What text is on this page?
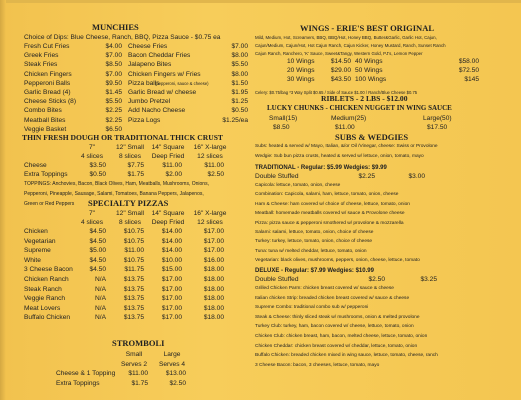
MUNCHIES
Choice of Dips: Blue Cheese, Ranch, BBQ, Pizza Sauce - $0.75 ea
Fresh Cut Fries	$4.00
Greek Fries	$7.00
Steak Fries	$8.50
Chicken Fingers	$7.00
Pepperoni Balls	$9.50
Garlic Bread (4)	$1.45
Cheese Sticks (8)	$5.50
Combo Bites	$2.25
Meatball Bites	$2.25
Veggie Basket	$6.50
Cheese Fries	$7.00
Bacon Cheddar Fries	$8.00
Jalapeno Bites	$5.50
Chicken Fingers w/ Fries	$8.00
Pizza balls
(pepperoni, sauce & cheese)	$1.50
Garlic Bread w/ cheese	$1.95
Jumbo Pretzel	$1.25
Add Nacho Cheese	$0.50
Pizza Logs	$1.25/ea
THIN FRESH DOUGH OR TRADITIONAL THICK CRUST
7"	12" Small	14" Square	16" X-large
4 slices	8 slices	Deep Fried	12 slices
Cheese	$3.50	$7.75	$11.00	$11.00
Extra Toppings	$0.50	$1.75	$2.00	$2.50
TOPPINGS: Anchovies, Bacon, Black Olives, Ham, Meatballs, Mushrooms, Onions,
Pepperoni, Pineapple, Sausage, Salami, Tomatoes, Banana Peppers, Jalapenos,
Green or Red Peppers SPECIALTY PIZZAS
7"	12" Small	14" Square	16" X-large
4 slices	8 slices	Deep Fried	12 slices
Chicken	$4.50	$10.75	$14.00	$17.00
Vegetarian	$4.50	$10.75	$14.00	$17.00
Supreme	$5.00	$11.00	$14.00	$17.00
White	$4.50	$10.75	$10.00	$16.00
3 Cheese Bacon	$4.50	$11.75	$15.00	$18.00
Chicken Ranch	N/A	$13.75	$17.00	$18.00
Steak Ranch	N/A	$13.75	$17.00	$18.00
Veggie Ranch	N/A	$13.75	$17.00	$18.00
Meat Lovers	N/A	$13.75	$17.00	$18.00
Buffalo Chicken	N/A	$13.75	$17.00	$18.00
STROMBOLI
Small	Large
Serves 2	Serves 4
Cheese & 1 Topping	$11.00	$13.00
Extra Toppings	$1.75	$2.50
WINGS - ERIE'S BEST ORIGINAL
Mild, Medium, Hot, Screamers, BBQ, BBQ/Hot, Honey BBQ, Butter&Garlic, Garlic Hot, Cajun,
Cajun/Medium, Cajun/Hot, Hot Cajun Ranch, Cajun Kicker, Honey Mustard, Ranch, Sunset Ranch
Cajun Ranch, Ranchero, 'K' Sauce, Sweet&Tangy, Western Gold, PJ's, Lemon Pepper
10 Wings	$14.50 40 Wings	$58.00
20 Wings	$29.00 50 Wings	$72.50
30 Wings	$43.50 100 Wings	$145
Celery: $0.75/bag *3 Way Split $0.65 / Side of Sauce $1.00 / Ranch/Blue Cheese $0.75
RIBLETS - 2 LBS - $12.00
LUCKY CHUNKS - CHICKEN NUGGET IN WING SAUCE
Small(15)	Medium(25)	Large(50)
$8.50	$11.00	$17.50
SUBS & WEDGIES
Subs: heated & served w/ Mayo, Italian, &/or Oil /Vinegar, cheese: Swiss or Provolone
Wedgie: Sub bun pizza crusts, heated & served w/ lettuce, onion, tomato, mayo
TRADITIONAL - Regular: $5.99 Wedgies: $9.99
Double Stuffed	$2.25	$3.00
Capicola: lettuce, tomato, onion, cheese
Combination: Capicola, salami, ham, lettuce, tomato, onion, cheese
Ham & Cheese: ham covered w/ choice of cheese, lettuce, tomato, onion
Meatball: homemade meatballs covered w/ sauce & Provolone cheese
Pizza: pizza sauce & pepperoni smothered w/ provolone & mozzarella
Salami: salami, lettuce, tomato, onion, choice of cheese
Turkey: turkey, lettuce, tomato, onion, choice of cheese
Tuna: tuna w/ melted cheddar, lettuce, tomato, onion
Vegetarian: black olives, mushrooms, peppers, onion, cheese, lettuce, tomato
DELUXE - Regular: $7.99 Wedgies: $10.99
Double Stuffed	$2.50	$3.25
Grilled Chicken Parm: chicken breast covered w/ sauce & cheese
Italian chicken Strip: breaded chicken breast covered w/ sauce & cheese
Supreme Combo: traditional combo sub w/ pepperoni
Steak & Cheese: thinly sliced steak w/ mushrooms, onion & melted provolone
Turkey Club: turkey, ham, bacon covered w/ cheese, lettuce, tomato, onion
Chicken Club: chicken breast, ham, bacon, melted cheese, lettuce, tomato, onion
Chicken Cheddar: chicken breast covered w/ cheddar, lettuce, tomato, onion
Buffalo Chicken: breaded chicken mixed in wing sauce, lettuce, tomato, cheese, ranch
3 Cheese Bacon: bacon, 3 cheeses, lettuce, tomato, mayo
